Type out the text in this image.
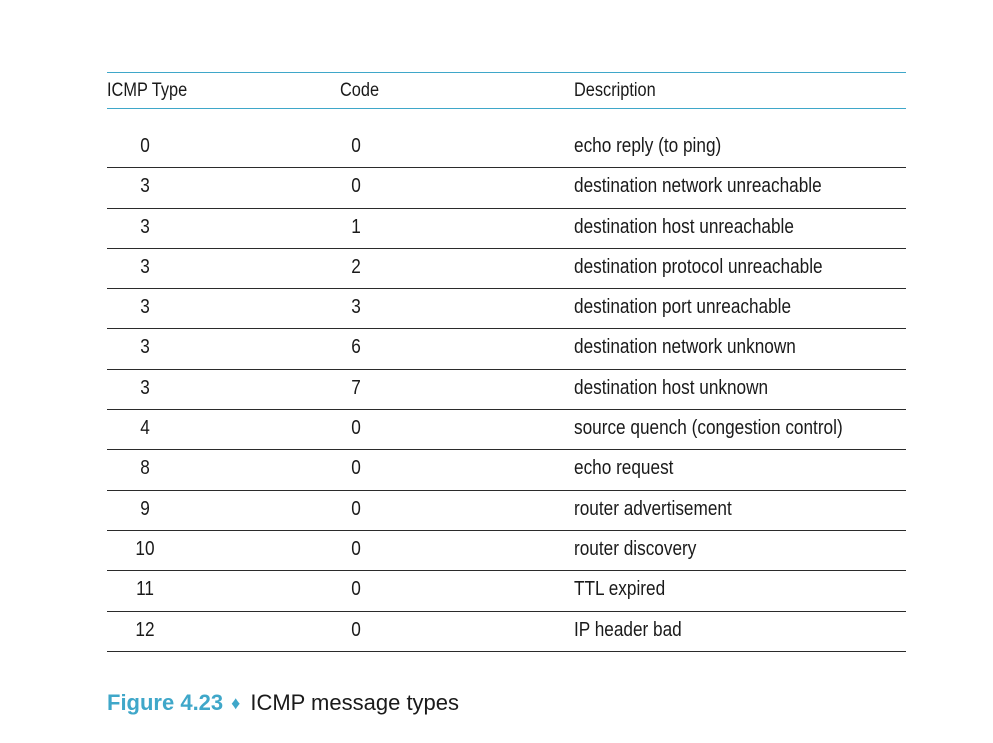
ICMP Type	Code	Description
0	0	echo reply (to ping)
3	0	destination network unreachable
3	1	destination host unreachable
3	2	destination protocol unreachable
3	3	destination port unreachable
3	6	destination network unknown
3	7	destination host unknown
4	0	source quench (congestion control)
8	0	echo request
9	0	router advertisement
10	0	router discovery
11	0	TTL expired
12	0	IP header bad
Figure 4.23 ♦ ICMP message types
